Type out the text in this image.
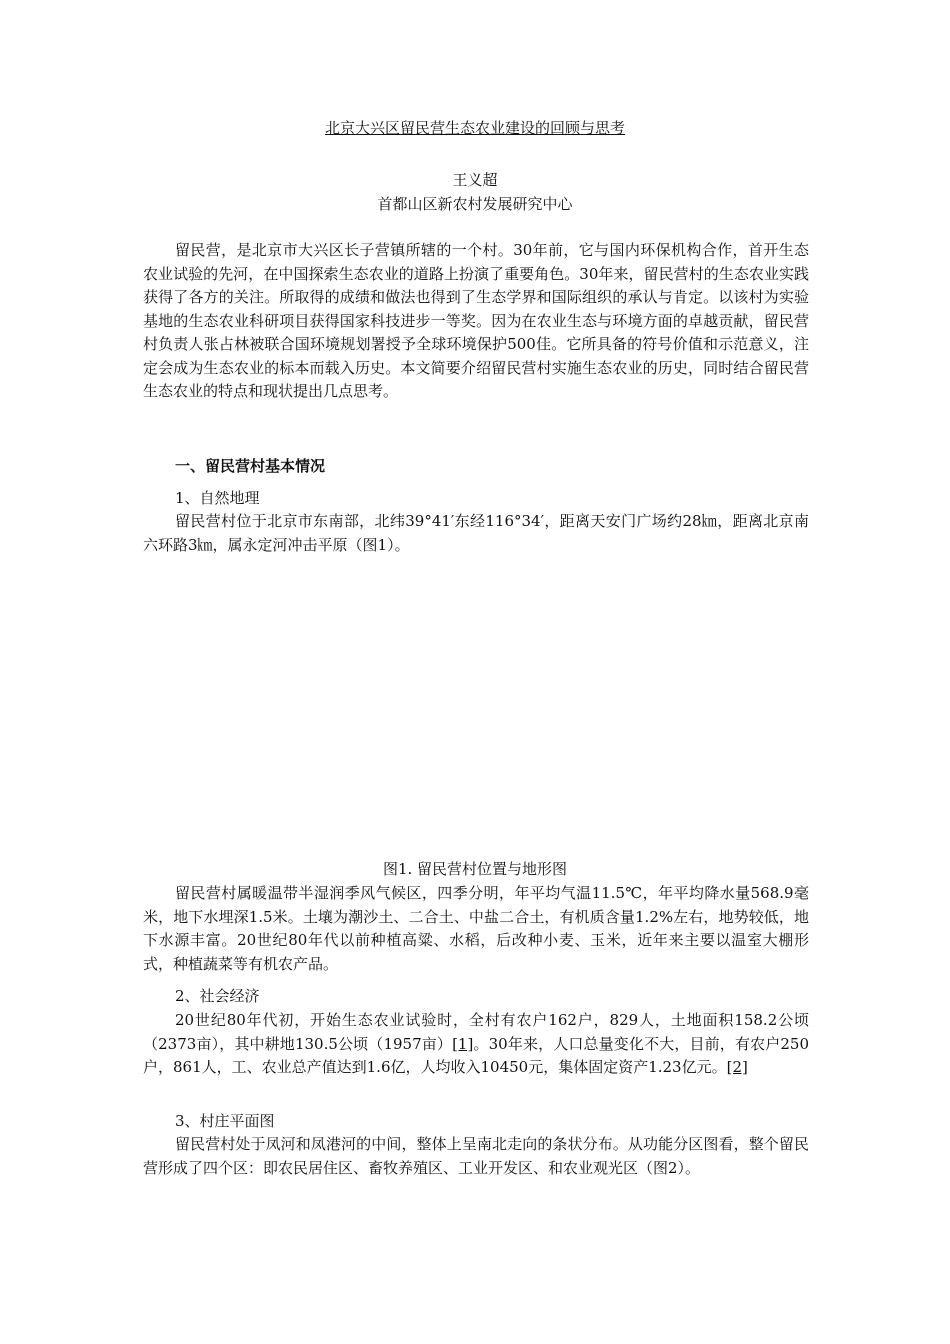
北京大兴区留民营生态农业建设的回顾与思考
王义超
首都山区新农村发展研究中心

留民营，是北京市大兴区长子营镇所辖的一个村。30年前，它与国内环保机构合作，首开生态农业试验的先河，在中国探索生态农业的道路上扮演了重要角色。30年来，留民营村的生态农业实践获得了各方的关注。所取得的成绩和做法也得到了生态学界和国际组织的承认与肯定。以该村为实验基地的生态农业科研项目获得国家科技进步一等奖。因为在农业生态与环境方面的卓越贡献，留民营村负责人张占林被联合国环境规划署授予全球环境保护500佳。它所具备的符号价值和示范意义，注定会成为生态农业的标本而载入历史。本文简要介绍留民营村实施生态农业的历史，同时结合留民营生态农业的特点和现状提出几点思考。

一、留民营村基本情况
1、自然地理

留民营村位于北京市东南部，北纬39°41′东经116°34′，距离天安门广场约28㎞，距离北京南六环路3㎞，属永定河冲击平原（图1）。

图1. 留民营村位置与地形图

留民营村属暖温带半湿润季风气候区，四季分明，年平均气温11.5℃，年平均降水量568.9毫米，地下水埋深1.5米。土壤为潮沙土、二合土、中盐二合土，有机质含量1.2%左右，地势较低，地下水源丰富。20世纪80年代以前种植高粱、水稻，后改种小麦、玉米，近年来主要以温室大棚形式，种植蔬菜等有机农产品。

2、社会经济

20世纪80年代初，开始生态农业试验时，全村有农户162户，829人，土地面积158.2公顷（2373亩），其中耕地130.5公顷（1957亩）[1]。30年来，人口总量变化不大，目前，有农户250户，861人，工、农业总产值达到1.6亿，人均收入10450元，集体固定资产1.23亿元。[2]

3、村庄平面图

留民营村处于凤河和凤港河的中间，整体上呈南北走向的条状分布。从功能分区图看，整个留民营形成了四个区：即农民居住区、畜牧养殖区、工业开发区、和农业观光区（图2）。
